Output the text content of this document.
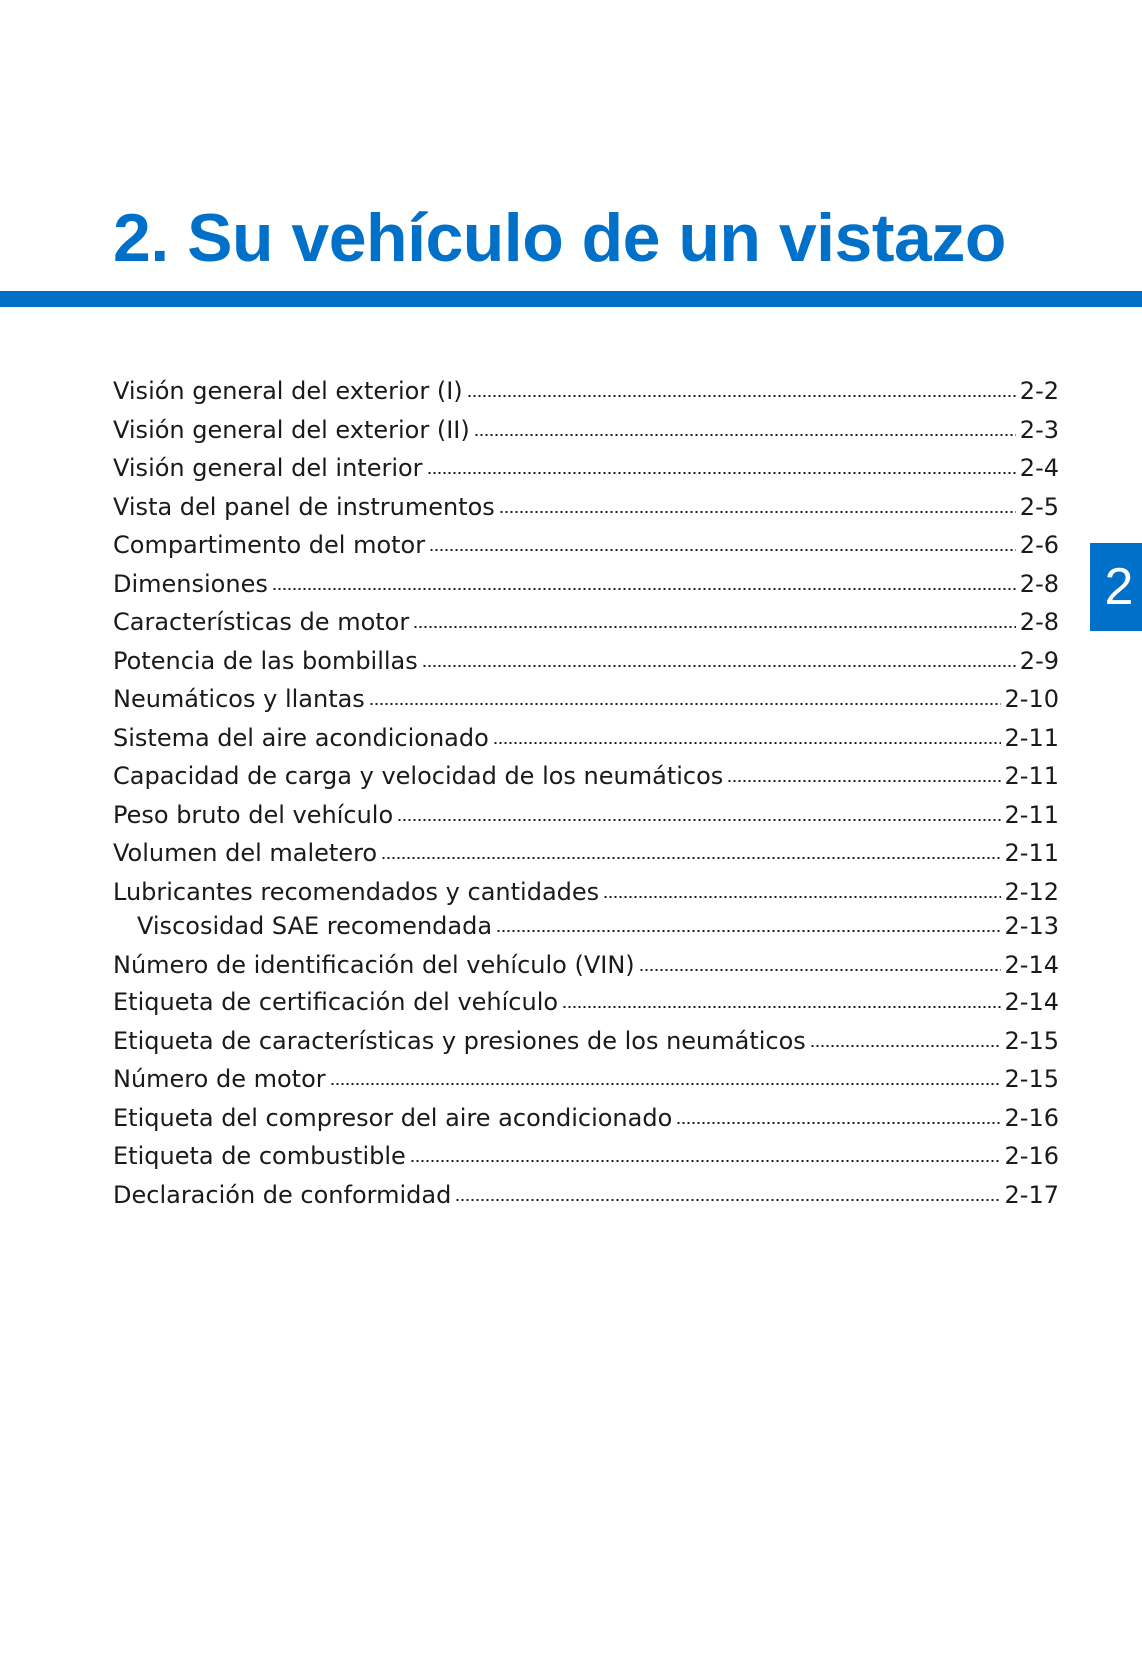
2. Su vehículo de un vistazo
2
Visión general del exterior (I)	2-2
Visión general del exterior (II)	2-3
Visión general del interior	2-4
Vista del panel de instrumentos	2-5
Compartimento del motor	2-6
Dimensiones	2-8
Características de motor	2-8
Potencia de las bombillas	2-9
Neumáticos y llantas	2-10
Sistema del aire acondicionado	2-11
Capacidad de carga y velocidad de los neumáticos	2-11
Peso bruto del vehículo	2-11
Volumen del maletero	2-11
Lubricantes recomendados y cantidades	2-12
Viscosidad SAE recomendada	2-13
Número de identificación del vehículo (VIN)	2-14
Etiqueta de certificación del vehículo	2-14
Etiqueta de características y presiones de los neumáticos	2-15
Número de motor	2-15
Etiqueta del compresor del aire acondicionado	2-16
Etiqueta de combustible	2-16
Declaración de conformidad	2-17
